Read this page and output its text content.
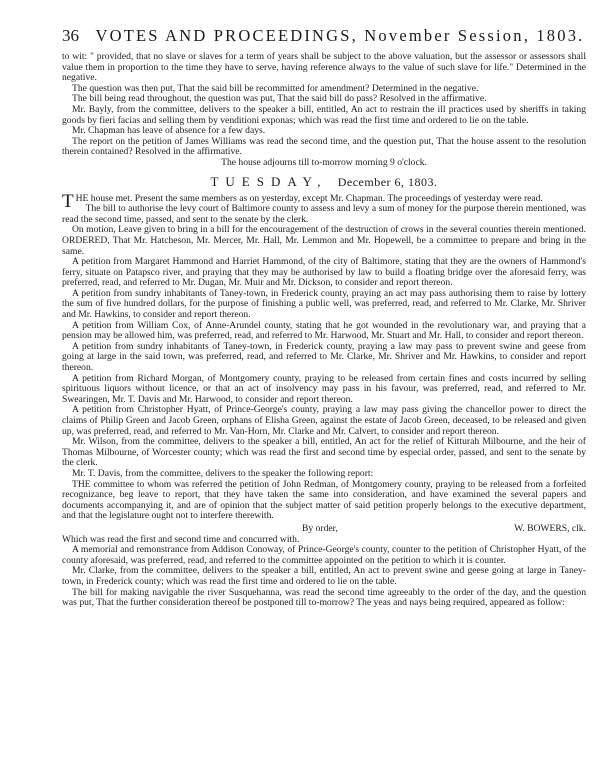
36	VOTES AND PROCEEDINGS, November Session, 1803.

to wit: " provided, that no slave or slaves for a term of years shall be subject to the above valuation, but the assessor or assessors shall value them in proportion to the time they have to serve, having reference always to the value of such slave for life." Determined in the negative.

The question was then put, That the said bill be recommitted for amendment? Determined in the negative.

The bill being read throughout, the question was put, That the said bill do pass? Resolved in the affirmative.

Mr. Bayly, from the committee, delivers to the speaker a bill, entitled, An act to restrain the ill practices used by sheriffs in taking goods by fieri facias and selling them by venditioni exponas; which was read the first time and ordered to lie on the table.

Mr. Chapman has leave of absence for a few days.

The report on the petition of James Williams was read the second time, and the question put, That the house assent to the resolution therein contained? Resolved in the affirmative.

The house adjourns till to-morrow morning 9 o'clock.

TUESDAY, December 6, 1803.

THE house met. Present the same members as on yesterday, except Mr. Chapman. The proceedings of yesterday were read.

The bill to authorise the levy court of Baltimore county to assess and levy a sum of money for the purpose therein mentioned, was read the second time, passed, and sent to the senate by the clerk.

On motion, Leave given to bring in a bill for the encouragement of the destruction of crows in the several counties therein mentioned. ORDERED, That Mr. Hatcheson, Mr. Mercer, Mr. Hall, Mr. Lemmon and Mr. Hopewell, be a committee to prepare and bring in the same.

A petition from Margaret Hammond and Harriet Hammond, of the city of Baltimore, stating that they are the owners of Hammond's ferry, situate on Patapsco river, and praying that they may be authorised by law to build a floating bridge over the aforesaid ferry, was preferred, read, and referred to Mr. Dugan, Mr. Muir and Mr. Dickson, to consider and report thereon.

A petition from sundry inhabitants of Taney-town, in Frederick county, praying an act may pass authorising them to raise by lottery the sum of five hundred dollars, for the purpose of finishing a public well, was preferred, read, and referred to Mr. Clarke, Mr. Shriver and Mr. Hawkins, to consider and report thereon.

A petition from William Cox, of Anne-Arundel county, stating that he got wounded in the revolutionary war, and praying that a pension may be allowed him, was preferred, read, and referred to Mr. Harwood, Mr. Stuart and Mr. Hall, to consider and report thereon.

A petition from sundry inhabitants of Taney-town, in Frederick county, praying a law may pass to prevent swine and geese from going at large in the said town, was preferred, read, and referred to Mr. Clarke, Mr. Shriver and Mr. Hawkins, to consider and report thereon.

A petition from Richard Morgan, of Montgomery county, praying to be released from certain fines and costs incurred by selling spirituous liquors without licence, or that an act of insolvency may pass in his favour, was preferred, read, and referred to Mr. Swearingen, Mr. T. Davis and Mr. Harwood, to consider and report thereon.

A petition from Christopher Hyatt, of Prince-George's county, praying a law may pass giving the chancellor power to direct the claims of Philip Green and Jacob Green, orphans of Elisha Green, against the estate of Jacob Green, deceased, to be released and given up, was preferred, read, and referred to Mr. Van-Horn, Mr. Clarke and Mr. Calvert, to consider and report thereon.

Mr. Wilson, from the committee, delivers to the speaker a bill, entitled, An act for the relief of Kitturah Milbourne, and the heir of Thomas Milbourne, of Worcester county; which was read the first and second time by especial order, passed, and sent to the senate by the clerk.

Mr. T. Davis, from the committee, delivers to the speaker the following report:

THE committee to whom was referred the petition of John Redman, of Montgomery county, praying to be released from a forfeited recognizance, beg leave to report, that they have taken the same into consideration, and have examined the several papers and documents accompanying it, and are of opinion that the subject matter of said petition properly belongs to the executive department, and that the legislature ought not to interfere therewith.

By order,	W. BOWERS, clk.

Which was read the first and second time and concurred with.

A memorial and remonstrance from Addison Conoway, of Prince-George's county, counter to the petition of Christopher Hyatt, of the county aforesaid, was preferred, read, and referred to the committee appointed on the petition to which it is counter.

Mr. Clarke, from the committee, delivers to the speaker a bill, entitled, An act to prevent swine and geese going at large in Taney-town, in Frederick county; which was read the first time and ordered to lie on the table.

The bill for making navigable the river Susquehanna, was read the second time agreeably to the order of the day, and the question was put, That the further consideration thereof be postponed till to-morrow? The yeas and nays being required, appeared as follow:
